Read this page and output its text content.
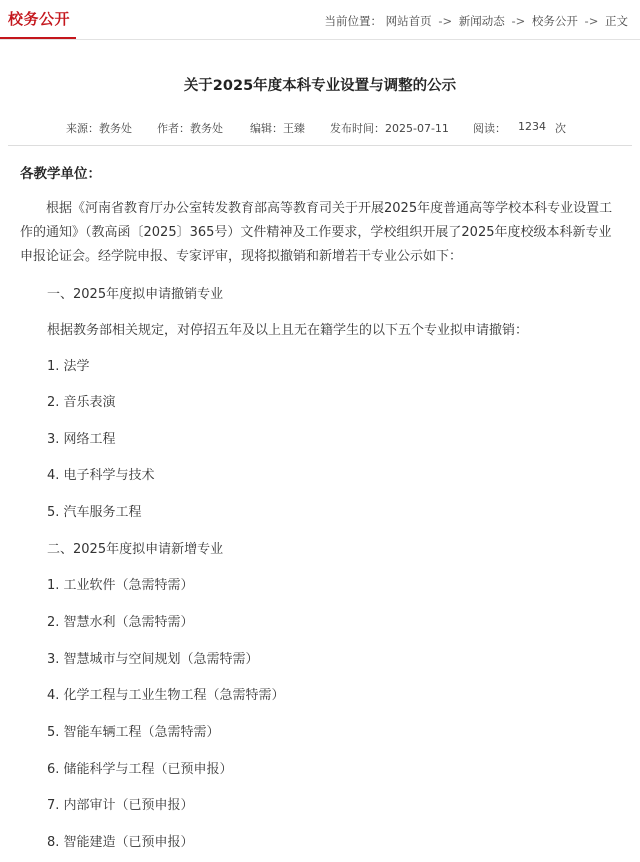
校务公开	当前位置： 网站首页 -> 新闻动态 -> 校务公开 -> 正文
关于2025年度本科专业设置与调整的公示
来源：教务处 作者：教务处 编辑：王臻 发布时间：2025-07-11 阅读： 1234 次
各教学单位：
根据《河南省教育厅办公室转发教育部高等教育司关于开展2025年度普通高等学校本科专业设置工作的通知》（教高函〔2025〕365号）文件精神及工作要求，学校组织开展了2025年度校级本科新专业申报论证会。经学院申报、专家评审，现将拟撤销和新增若干专业公示如下：
一、2025年度拟申请撤销专业
根据教务部相关规定，对停招五年及以上且无在籍学生的以下五个专业拟申请撤销：
1. 法学
2. 音乐表演
3. 网络工程
4. 电子科学与技术
5. 汽车服务工程
二、2025年度拟申请新增专业
1. 工业软件（急需特需）
2. 智慧水利（急需特需）
3. 智慧城市与空间规划（急需特需）
4. 化学工程与工业生物工程（急需特需）
5. 智能车辆工程（急需特需）
6. 储能科学与工程（已预申报）
7. 内部审计（已预申报）
8. 智能建造（已预申报）
